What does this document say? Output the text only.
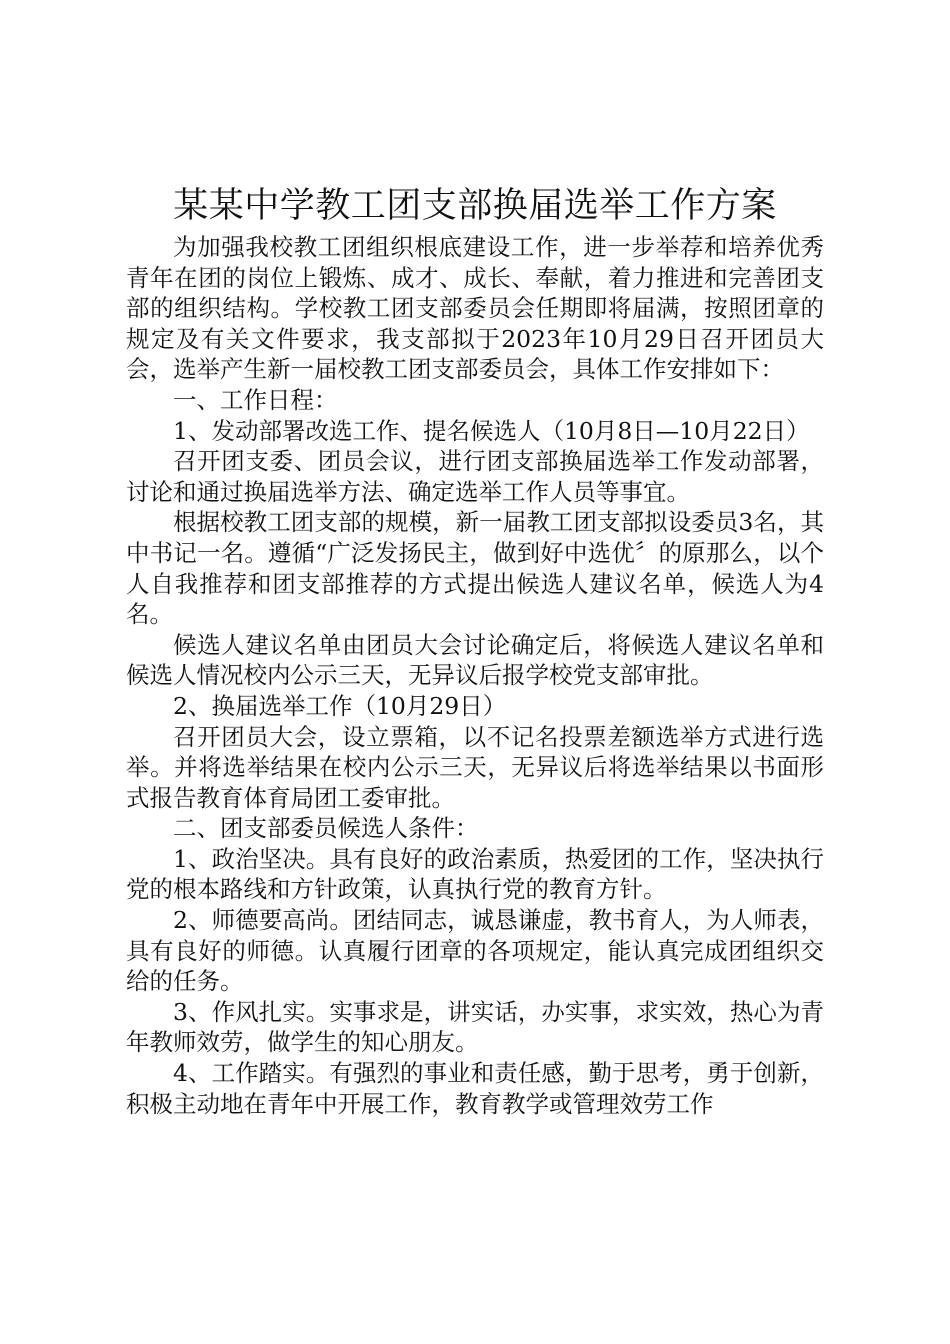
某某中学教工团支部换届选举工作方案

为加强我校教工团组织根底建设工作，进一步举荐和培养优秀青年在团的岗位上锻炼、成才、成长、奉献，着力推进和完善团支部的组织结构。学校教工团支部委员会任期即将届满，按照团章的规定及有关文件要求，我支部拟于2023年10月29日召开团员大会，选举产生新一届校教工团支部委员会，具体工作安排如下：

一、工作日程：

1、发动部署改选工作、提名候选人（10月8日—10月22日）

召开团支委、团员会议，进行团支部换届选举工作发动部署，讨论和通过换届选举方法、确定选举工作人员等事宜。

根据校教工团支部的规模，新一届教工团支部拟设委员3名，其中书记一名。遵循“广泛发扬民主，做到好中选优〞的原那么，以个人自我推荐和团支部推荐的方式提出候选人建议名单，候选人为4名。

候选人建议名单由团员大会讨论确定后，将候选人建议名单和候选人情况校内公示三天，无异议后报学校党支部审批。

2、换届选举工作（10月29日）

召开团员大会，设立票箱，以不记名投票差额选举方式进行选举。并将选举结果在校内公示三天，无异议后将选举结果以书面形式报告教育体育局团工委审批。

二、团支部委员候选人条件：

1、政治坚决。具有良好的政治素质，热爱团的工作，坚决执行党的根本路线和方针政策，认真执行党的教育方针。

2、师德要高尚。团结同志，诚恳谦虚，教书育人，为人师表，具有良好的师德。认真履行团章的各项规定，能认真完成团组织交给的任务。

3、作风扎实。实事求是，讲实话，办实事，求实效，热心为青年教师效劳，做学生的知心朋友。

4、工作踏实。有强烈的事业和责任感，勤于思考，勇于创新，积极主动地在青年中开展工作，教育教学或管理效劳工作
